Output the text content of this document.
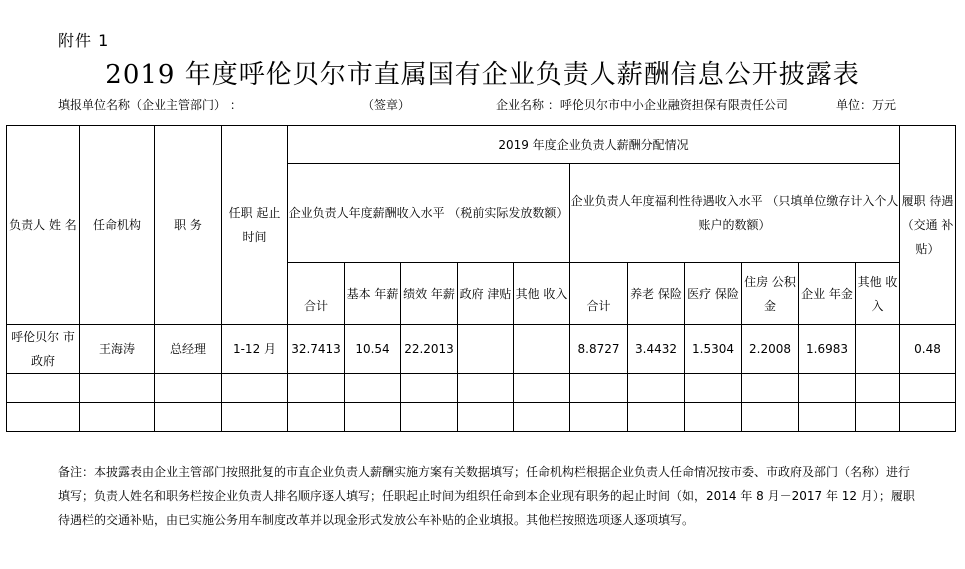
附件 1
2019 年度呼伦贝尔市直属国有企业负责人薪酬信息公开披露表
填报单位名称（企业主管部门） ：	（签章）	企业名称 ：呼伦贝尔市中小企业融资担保有限责任公司	单位：万元
负责人 姓 名	任命机构	职 务	任职 起止 时间	2019 年度企业负责人薪酬分配情况											履职 待遇 （交通 补贴）
				企业负责人年度薪酬收入水平 （税前实际发放数额）					企业负责人年度福利性待遇收入水平 （只填单位缴存计入个人账户的数额）						
				合计	基本 年薪	绩效 年薪	政府 津贴	其他 收入	合计	养老 保险	医疗 保险	住房 公积金	企业 年金	其他 收入	
呼伦贝尔 市政府	王海涛	总经理	1-12 月	32.7413	10.54	22.2013			8.8727	3.4432	1.5304	2.2008	1.6983		0.48

备注：本披露表由企业主管部门按照批复的市直企业负责人薪酬实施方案有关数据填写；任命机构栏根据企业负责人任命情况按市委、市政府及部门（名称）进行填写；负责人姓名和职务栏按企业负责人排名顺序逐人填写；任职起止时间为组织任命到本企业现有职务的起止时间（如，2014 年 8 月－2017 年 12 月）；履职待遇栏的交通补贴，由已实施公务用车制度改革并以现金形式发放公车补贴的企业填报。其他栏按照选项逐人逐项填写。
